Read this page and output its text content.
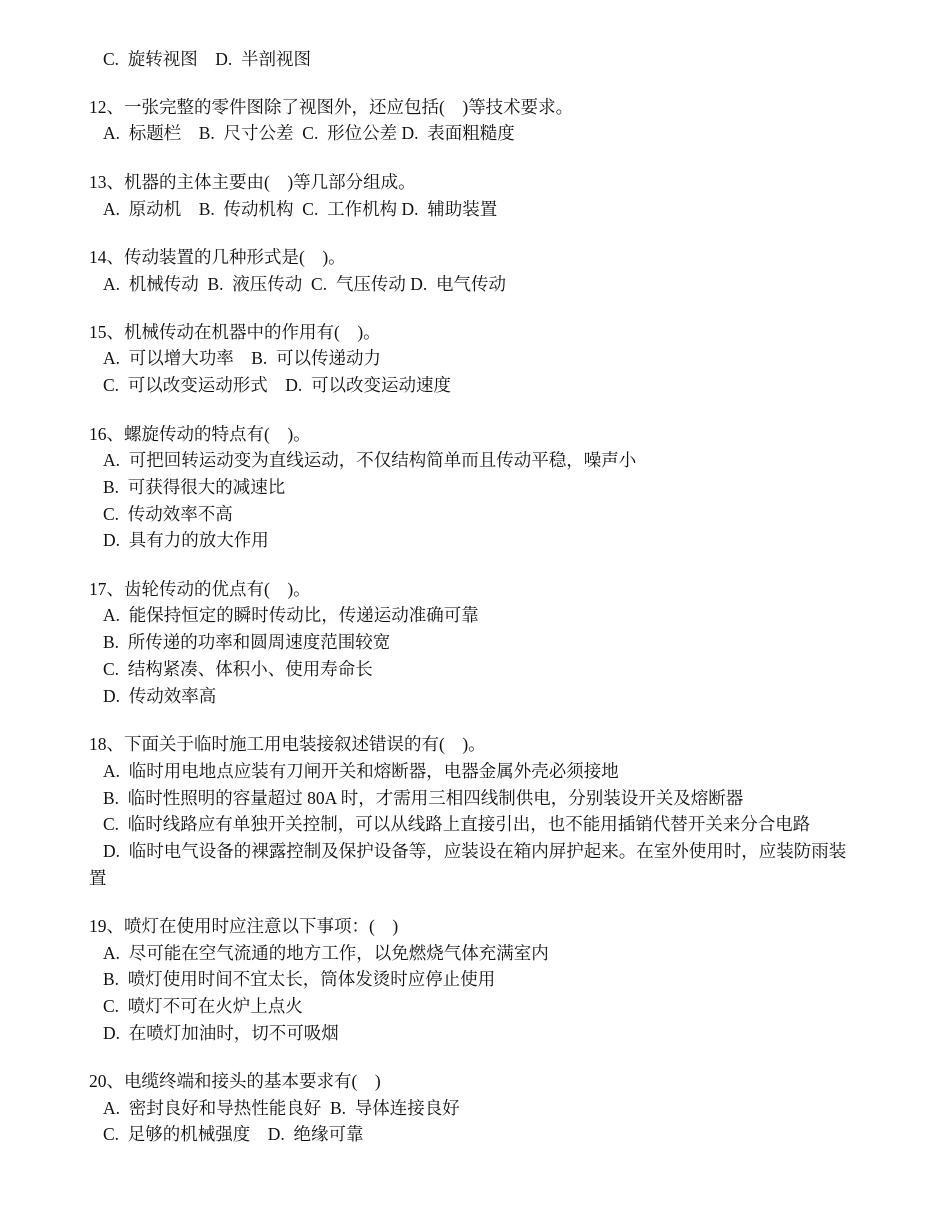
C.  旋转视图    D.  半剖视图
12、一张完整的零件图除了视图外，还应包括(    )等技术要求。
A.  标题栏    B.  尺寸公差  C.  形位公差 D.  表面粗糙度
13、机器的主体主要由(    )等几部分组成。
A.  原动机    B.  传动机构  C.  工作机构 D.  辅助装置
14、传动装置的几种形式是(    )。
A.  机械传动  B.  液压传动  C.  气压传动 D.  电气传动
15、机械传动在机器中的作用有(    )。
A.  可以增大功率    B.  可以传递动力
C.  可以改变运动形式    D.  可以改变运动速度
16、螺旋传动的特点有(    )。
A.  可把回转运动变为直线运动，不仅结构简单而且传动平稳，噪声小
B.  可获得很大的减速比
C.  传动效率不高
D.  具有力的放大作用
17、齿轮传动的优点有(    )。
A.  能保持恒定的瞬时传动比，传递运动准确可靠
B.  所传递的功率和圆周速度范围较宽
C.  结构紧凑、体积小、使用寿命长
D.  传动效率高
18、下面关于临时施工用电装接叙述错误的有(    )。
A.  临时用电地点应装有刀闸开关和熔断器，电器金属外壳必须接地
B.  临时性照明的容量超过 80A 时，才需用三相四线制供电，分别装设开关及熔断器
C.  临时线路应有单独开关控制，可以从线路上直接引出，也不能用插销代替开关来分合电路
D.  临时电气设备的裸露控制及保护设备等，应装设在箱内屏护起来。在室外使用时，应装防雨装
置
19、喷灯在使用时应注意以下事项：(    )
A.  尽可能在空气流通的地方工作，以免燃烧气体充满室内
B.  喷灯使用时间不宜太长，筒体发烫时应停止使用
C.  喷灯不可在火炉上点火
D.  在喷灯加油时，切不可吸烟
20、电缆终端和接头的基本要求有(    )
A.  密封良好和导热性能良好  B.  导体连接良好
C.  足够的机械强度    D.  绝缘可靠
